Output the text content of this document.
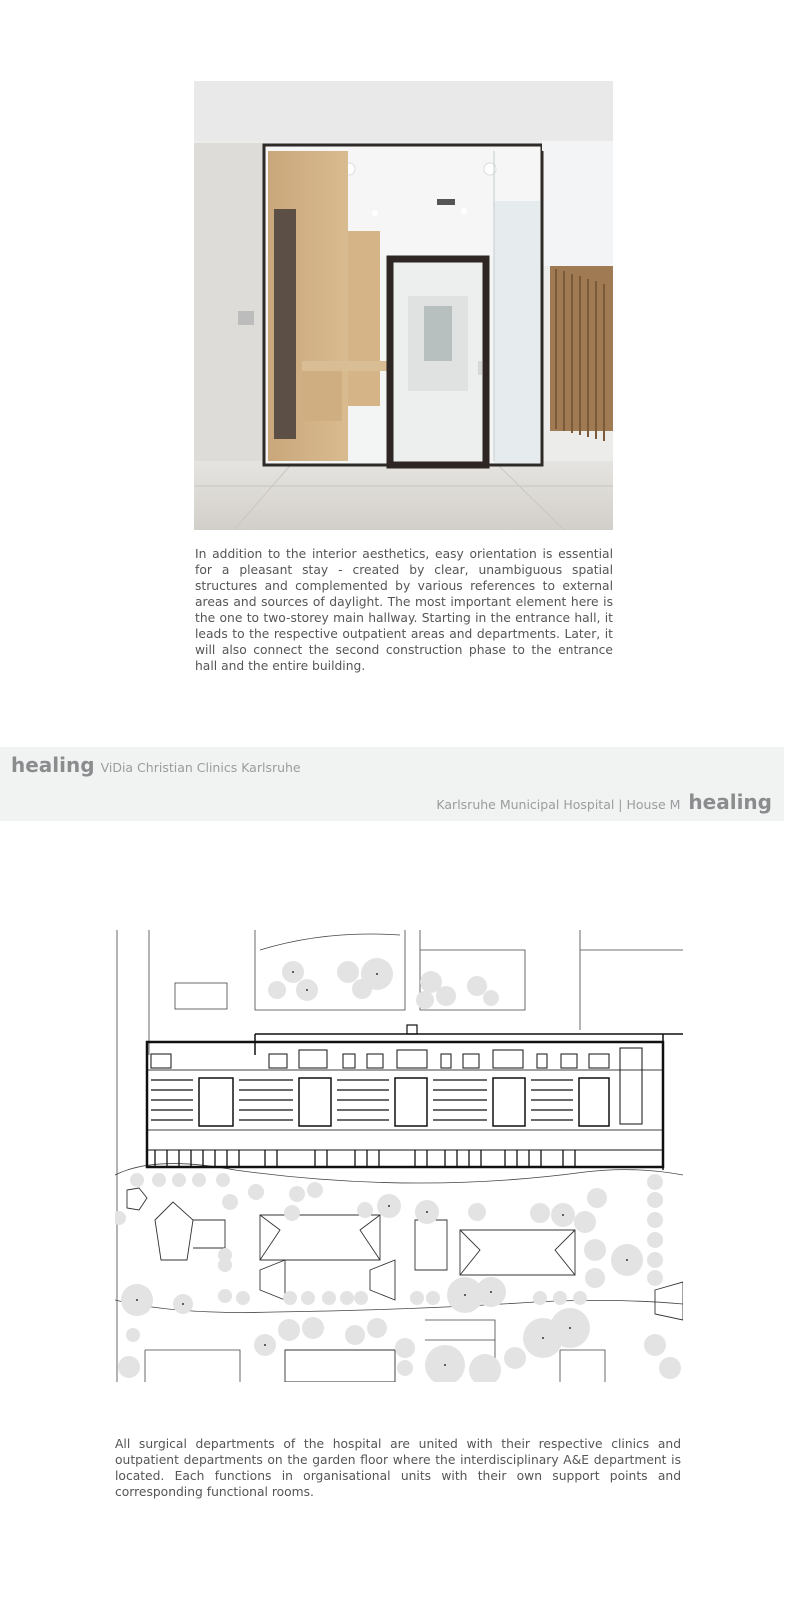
In addition to the interior aesthetics, easy orientation is essential for a pleasant stay - created by clear, unambiguous spatial structures and complemented by various references to external areas and sources of daylight. The most important element here is the one to two-storey main hallway. Starting in the entrance hall, it leads to the respective outpatient areas and departments. Later, it will also connect the second construction phase to the entrance hall and the entire building.

healing ViDia Christian Clinics Karlsruhe
Karlsruhe Municipal Hospital | House M healing

All surgical departments of the hospital are united with their respective clinics and outpatient departments on the garden floor where the interdisciplinary A&E department is located. Each functions in organisational units with their own support points and corresponding functional rooms.
